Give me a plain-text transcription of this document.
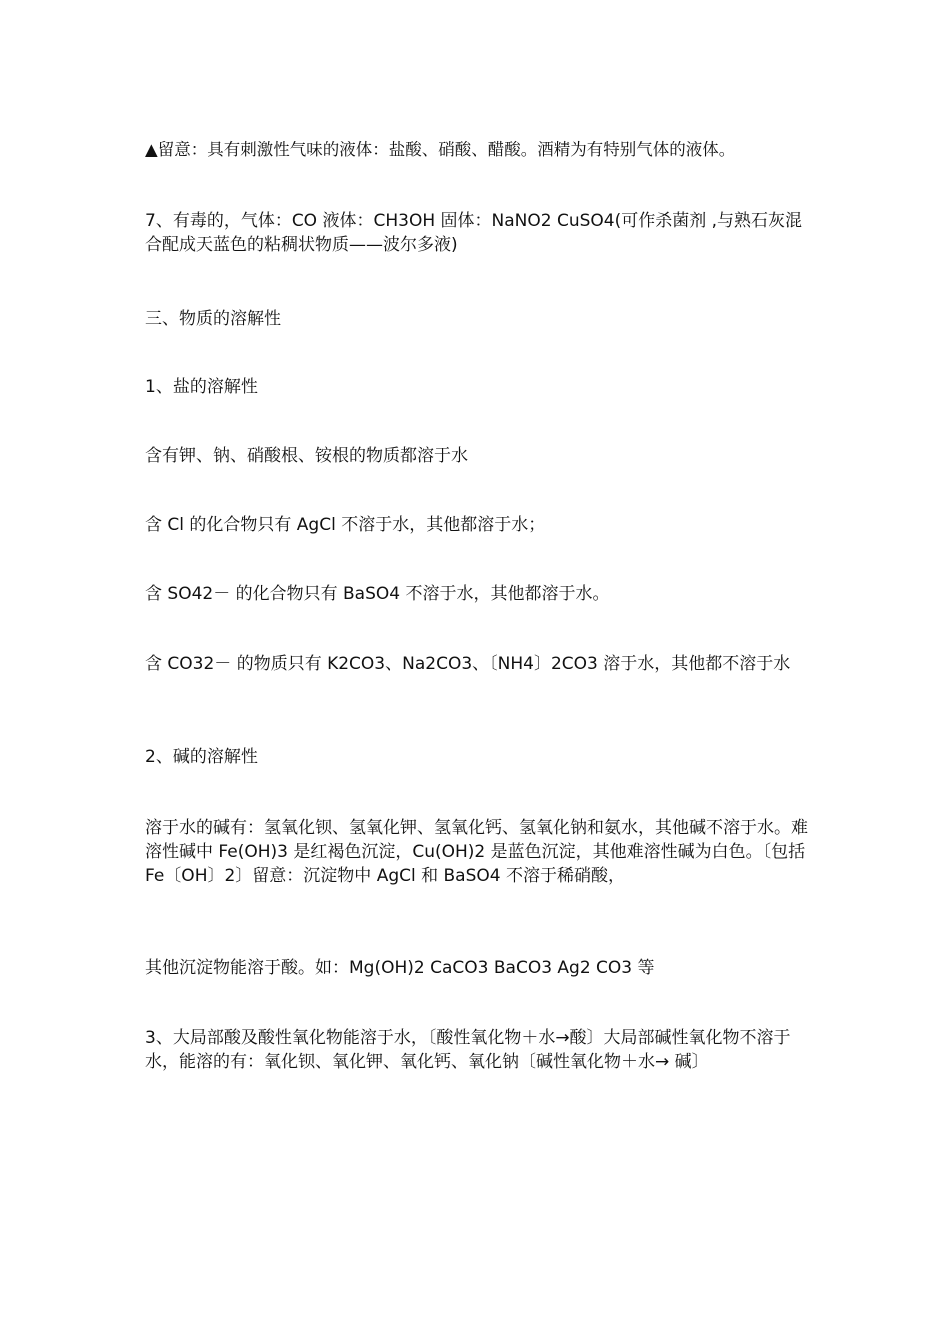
▲留意：具有刺激性气味的液体：盐酸、硝酸、醋酸。酒精为有特别气体的液体。

7、有毒的，气体：CO 液体：CH3OH 固体：NaNO2 CuSO4(可作杀菌剂 ,与熟石灰混合配成天蓝色的粘稠状物质——波尔多液)

三、物质的溶解性

1、盐的溶解性

含有钾、钠、硝酸根、铵根的物质都溶于水

含 Cl 的化合物只有 AgCl 不溶于水，其他都溶于水；

含 SO42－ 的化合物只有 BaSO4 不溶于水，其他都溶于水。

含 CO32－ 的物质只有 K2CO3、Na2CO3、〔NH4〕2CO3 溶于水，其他都不溶于水

2、碱的溶解性

溶于水的碱有：氢氧化钡、氢氧化钾、氢氧化钙、氢氧化钠和氨水，其他碱不溶于水。难溶性碱中 Fe(OH)3 是红褐色沉淀，Cu(OH)2 是蓝色沉淀，其他难溶性碱为白色。〔包括 Fe〔OH〕2〕留意：沉淀物中 AgCl 和 BaSO4 不溶于稀硝酸，

其他沉淀物能溶于酸。如：Mg(OH)2 CaCO3 BaCO3 Ag2 CO3 等

3、大局部酸及酸性氧化物能溶于水，〔酸性氧化物＋水→酸〕大局部碱性氧化物不溶于水，能溶的有：氧化钡、氧化钾、氧化钙、氧化钠〔碱性氧化物＋水→ 碱〕
